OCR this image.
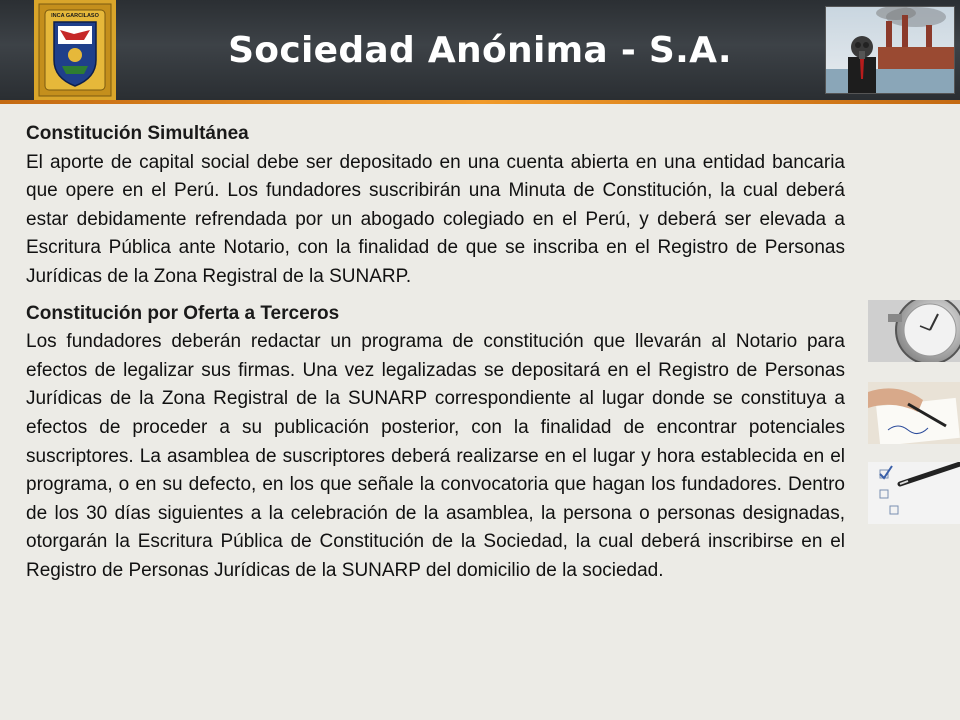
INCA GARCILASO
Sociedad Anónima - S.A.
Constitución Simultánea

El aporte de capital social debe ser depositado en una cuenta abierta en una entidad bancaria que opere en el Perú. Los fundadores suscribirán una Minuta de Constitución, la cual deberá estar debidamente refrendada por un abogado colegiado en el Perú, y deberá ser elevada a Escritura Pública ante Notario, con la finalidad de que se inscriba en el Registro de Personas Jurídicas de la Zona Registral de la SUNARP.

Constitución por Oferta a Terceros

Los fundadores deberán redactar un programa de constitución que llevarán al Notario para efectos de legalizar sus firmas. Una vez legalizadas se depositará en el Registro de Personas Jurídicas de la Zona Registral de la SUNARP correspondiente al lugar donde se constituya a efectos de proceder a su publicación posterior, con la finalidad de encontrar potenciales suscriptores. La asamblea de suscriptores deberá realizarse en el lugar y hora establecida en el programa, o en su defecto, en los que señale la convocatoria que hagan los fundadores. Dentro de los 30 días siguientes a la celebración de la asamblea, la persona o personas designadas, otorgarán la Escritura Pública de Constitución de la Sociedad, la cual deberá inscribirse en el Registro de Personas Jurídicas de la SUNARP del domicilio de la sociedad.
